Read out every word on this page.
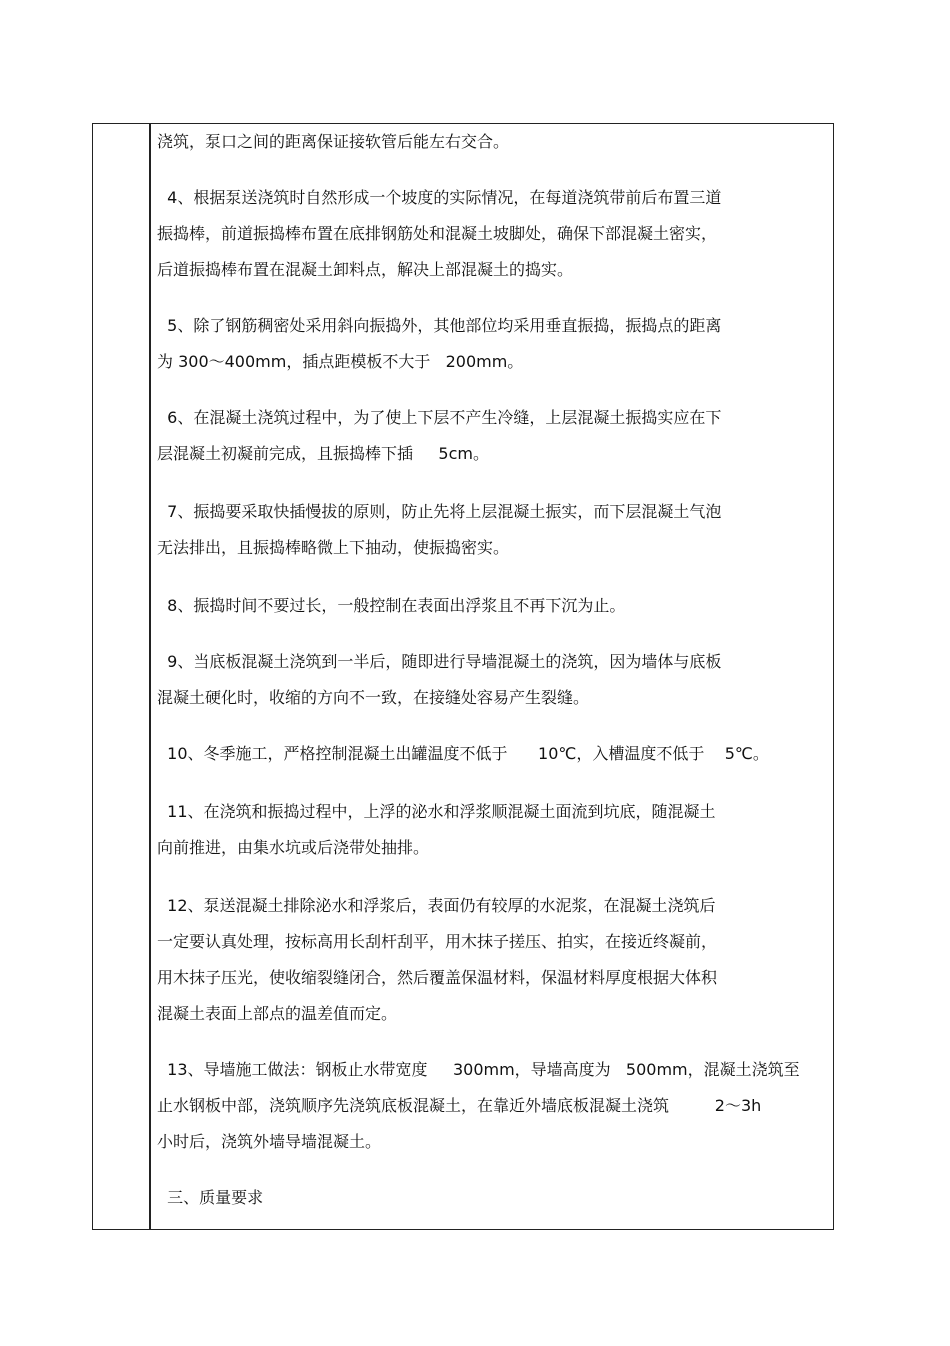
浇筑，泵口之间的距离保证接软管后能左右交合。
4、根据泵送浇筑时自然形成一个坡度的实际情况，在每道浇筑带前后布置三道
振捣棒，前道振捣棒布置在底排钢筋处和混凝土坡脚处，确保下部混凝土密实，
后道振捣棒布置在混凝土卸料点，解决上部混凝土的捣实。
5、除了钢筋稠密处采用斜向振捣外，其他部位均采用垂直振捣，振捣点的距离
为 300～400mm，插点距模板不大于   200mm。
6、在混凝土浇筑过程中，为了使上下层不产生冷缝，上层混凝土振捣实应在下
层混凝土初凝前完成，且振捣棒下插     5cm。
7、振捣要采取快插慢拔的原则，防止先将上层混凝土振实，而下层混凝土气泡
无法排出，且振捣棒略微上下抽动，使振捣密实。
8、振捣时间不要过长，一般控制在表面出浮浆且不再下沉为止。
9、当底板混凝土浇筑到一半后，随即进行导墙混凝土的浇筑，因为墙体与底板
混凝土硬化时，收缩的方向不一致，在接缝处容易产生裂缝。
10、冬季施工，严格控制混凝土出罐温度不低于      10℃，入槽温度不低于    5℃。
11、在浇筑和振捣过程中，上浮的泌水和浮浆顺混凝土面流到坑底，随混凝土
向前推进，由集水坑或后浇带处抽排。
12、泵送混凝土排除泌水和浮浆后，表面仍有较厚的水泥浆，在混凝土浇筑后
一定要认真处理，按标高用长刮杆刮平，用木抹子搓压、拍实，在接近终凝前，
用木抹子压光，使收缩裂缝闭合，然后覆盖保温材料，保温材料厚度根据大体积
混凝土表面上部点的温差值而定。
13、导墙施工做法：钢板止水带宽度     300mm，导墙高度为   500mm，混凝土浇筑至
止水钢板中部，浇筑顺序先浇筑底板混凝土，在靠近外墙底板混凝土浇筑         2～3h
小时后，浇筑外墙导墙混凝土。
三、质量要求
